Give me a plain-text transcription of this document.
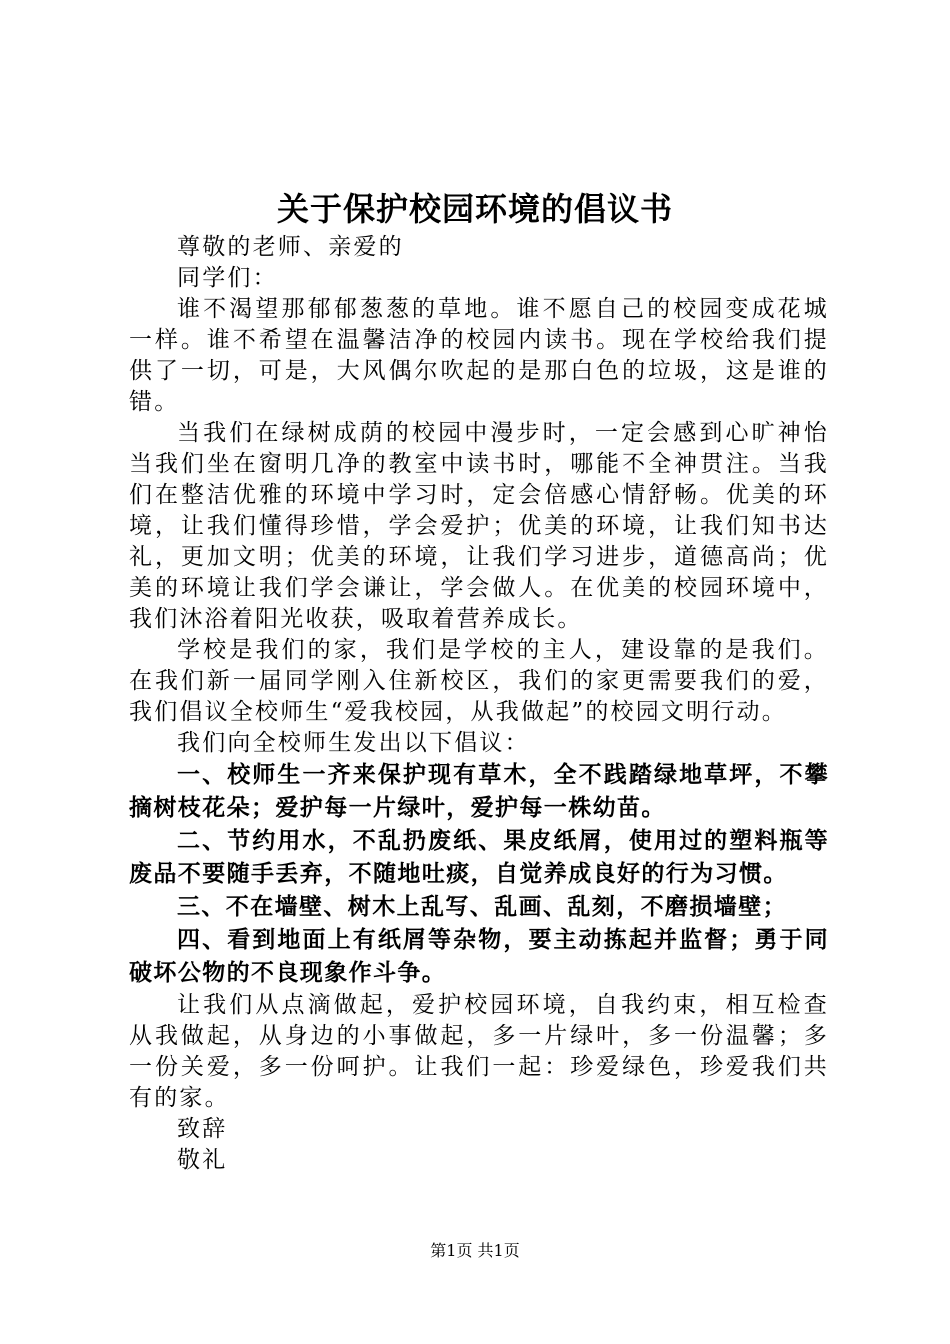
关于保护校园环境的倡议书

尊敬的老师、亲爱的

同学们：

谁不渴望那郁郁葱葱的草地。谁不愿自己的校园变成花城一样。谁不希望在温馨洁净的校园内读书。现在学校给我们提供了一切，可是，大风偶尔吹起的是那白色的垃圾，这是谁的错。

当我们在绿树成荫的校园中漫步时，一定会感到心旷神怡当我们坐在窗明几净的教室中读书时，哪能不全神贯注。当我们在整洁优雅的环境中学习时，定会倍感心情舒畅。优美的环境，让我们懂得珍惜，学会爱护；优美的环境，让我们知书达礼，更加文明；优美的环境，让我们学习进步，道德高尚；优美的环境让我们学会谦让，学会做人。在优美的校园环境中，我们沐浴着阳光收获，吸取着营养成长。

学校是我们的家，我们是学校的主人，建设靠的是我们。在我们新一届同学刚入住新校区，我们的家更需要我们的爱，我们倡议全校师生“爱我校园，从我做起”的校园文明行动。

我们向全校师生发出以下倡议：

一、校师生一齐来保护现有草木，全不践踏绿地草坪，不攀摘树枝花朵；爱护每一片绿叶，爱护每一株幼苗。

二、节约用水，不乱扔废纸、果皮纸屑，使用过的塑料瓶等废品不要随手丢弃，不随地吐痰，自觉养成良好的行为习惯。

三、不在墙壁、树木上乱写、乱画、乱刻，不磨损墙壁；

四、看到地面上有纸屑等杂物，要主动拣起并监督；勇于同破坏公物的不良现象作斗争。

让我们从点滴做起，爱护校园环境，自我约束，相互检查从我做起，从身边的小事做起，多一片绿叶，多一份温馨；多一份关爱，多一份呵护。让我们一起：珍爱绿色，珍爱我们共有的家。

致辞

敬礼

第1页 共1页
